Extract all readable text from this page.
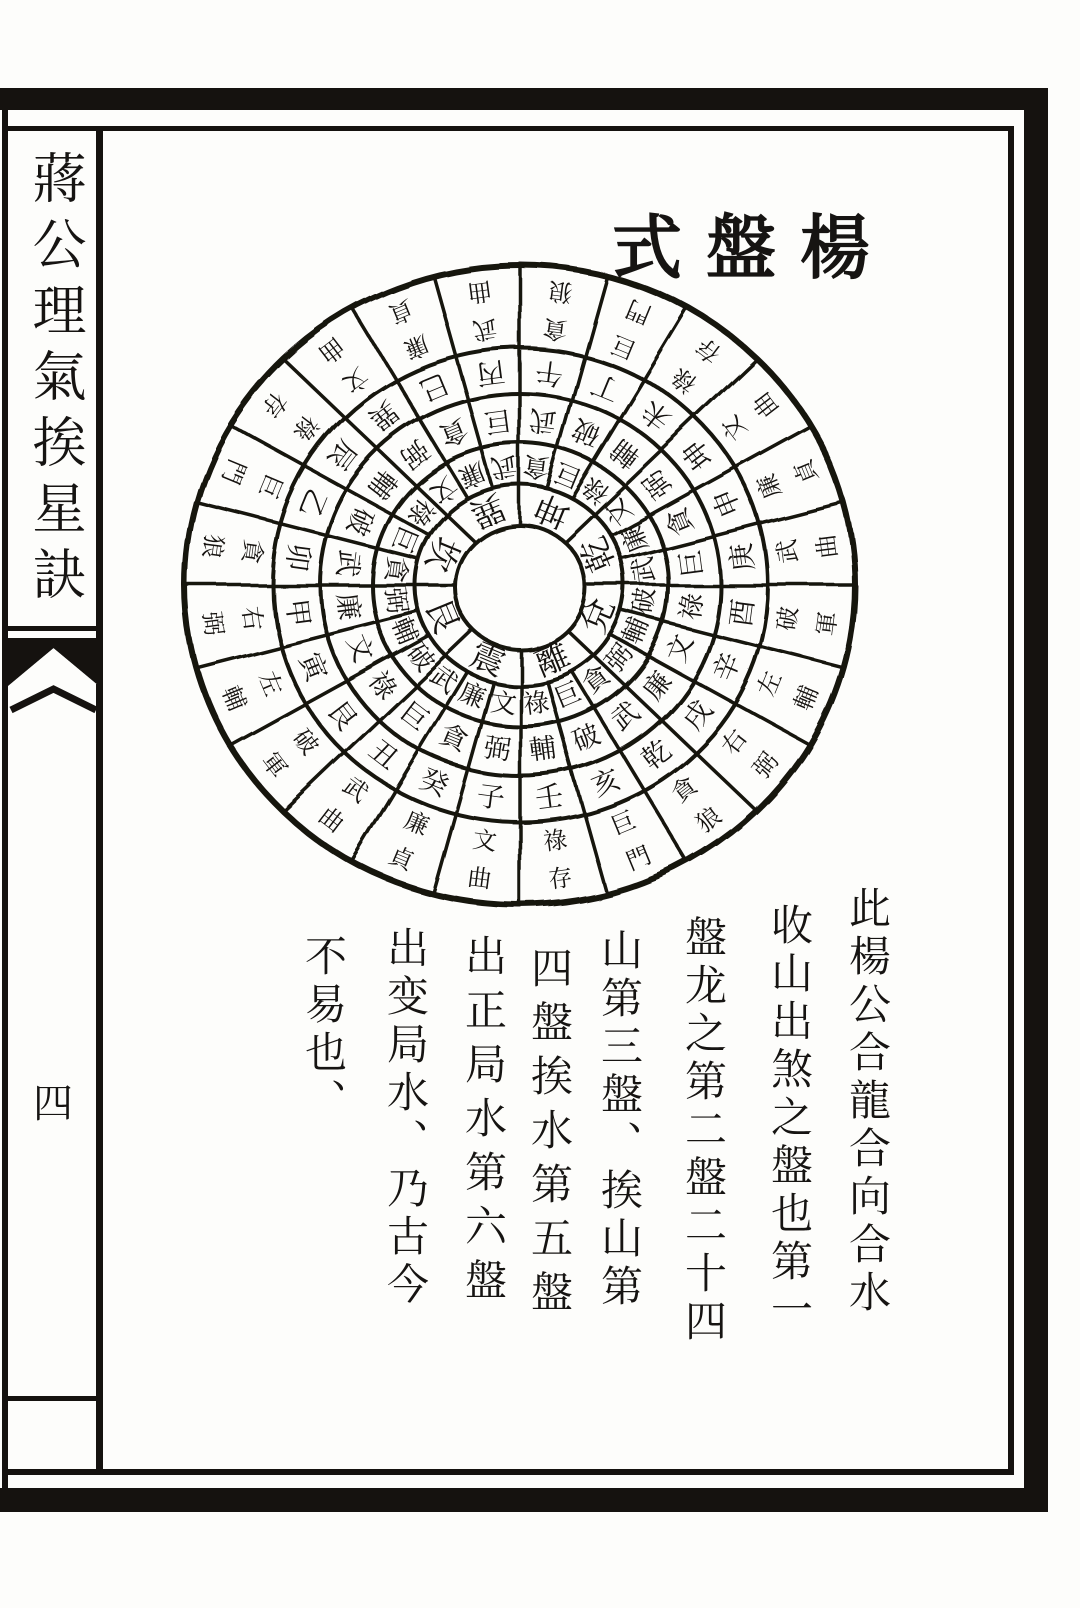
蔣公理氣挨星訣
四
式盤楊
坤
乾
兌
離
震
艮
坎
巽
貪 巨
祿
文
廉
武
破
輔
弼
貪
巨
祿
文
廉
武
破
輔
弼
貪
巨
祿
文
廉 武
武 破
輔
弼
貪
巨
祿
文
廉
武
破
輔
弼
貪
巨
祿
文
廉
武
破
輔
弼
貪 巨
午 丁
未
坤
申
庚
酉
辛
戌
乾
亥
壬
子
癸
丑
艮
寅
甲
卯
乙
辰
巽
巳 丙
貪
狼
巨
門
祿
存
文
曲
廉 貞
武 曲
破 軍
左 輔
右
弼
貪
狼
巨
門
祿
存
文
曲
廉
貞
武
曲
破
軍
左
輔
右
弼
貪
狼
巨
門
祿
存
文
曲 廉
貞
武
曲
此楊公合龍合向合水
收山出煞之盤也第一
盤龙之第二盤二十四
山第三盤、挨山第
四盤挨水第五盤
出正局水第六盤
出变局水、乃古今
不易也、
